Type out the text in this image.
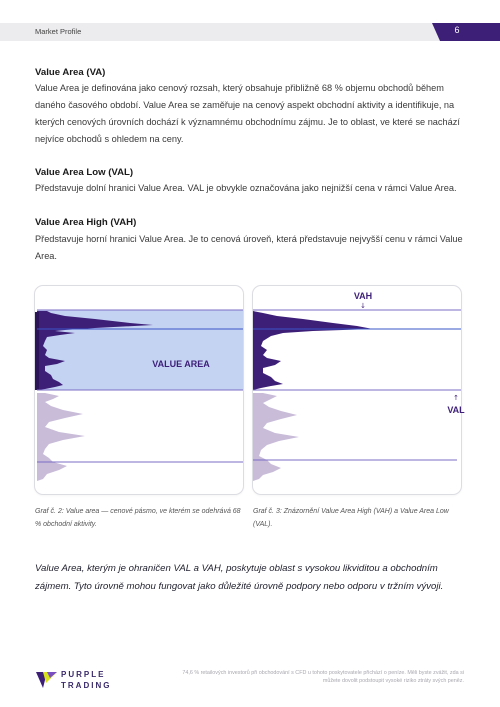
Market Profile	6
Value Area (VA)

Value Area je definována jako cenový rozsah, který obsahuje přibližně 68 % objemu obchodů během daného časového období. Value Area se zaměřuje na cenový aspekt obchodní aktivity a identifikuje, na kterých cenových úrovních dochází k významnému obchodnímu zájmu. Je to oblast, ve které se nachází nejvíce obchodů s ohledem na ceny.

Value Area Low (VAL)

Představuje dolní hranici Value Area. VAL je obvykle označována jako nejnižší cena v rámci Value Area.

Value Area High (VAH)

Představuje horní hranici Value Area. Je to cenová úroveň, která představuje nejvyšší cenu v rámci Value Area.

VALUE AREA

Graf č. 2: Value area — cenové pásmo, ve kterém se odehrává 68 % obchodní aktivity.

VAH
↓
↑
VAL

Graf č. 3: Znázornění Value Area High (VAH) a Value Area Low (VAL).

Value Area, kterým je ohraničen VAL a VAH, poskytuje oblast s vysokou likviditou a obchodním zájmem. Tyto úrovně mohou fungovat jako důležité úrovně podpory nebo odporu v tržním vývoji.

PURPLE
TRADING

74,6 % retailových investorů při obchodování s CFD u tohoto poskytovatele přichází o peníze. Měli byste zvážit, zda si můžete dovolit podstoupit vysoké riziko ztráty svých peněz.
